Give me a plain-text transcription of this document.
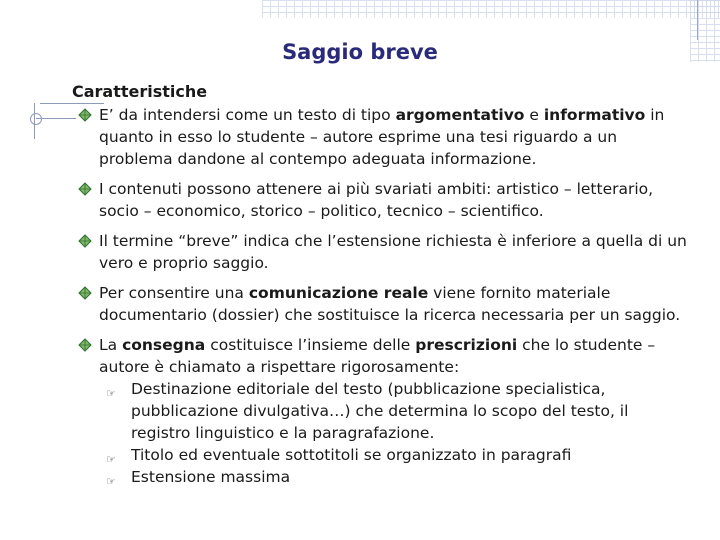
Saggio breve
Caratteristiche
E’ da intendersi come un testo di tipo argomentativo e informativo in quanto in esso lo studente – autore esprime una tesi riguardo a un problema dandone al contempo adeguata informazione.
I contenuti possono attenere ai più svariati ambiti: artistico – letterario, socio – economico, storico – politico, tecnico – scientifico.
Il termine “breve” indica che l’estensione richiesta è inferiore a quella di un vero e proprio saggio.
Per consentire una comunicazione reale viene fornito materiale documentario (dossier) che sostituisce la ricerca necessaria per un saggio.
La consegna costituisce l’insieme delle prescrizioni che lo studente – autore è chiamato a rispettare rigorosamente:
☞ Destinazione editoriale del testo (pubblicazione specialistica, pubblicazione divulgativa…) che determina lo scopo del testo, il registro linguistico e la paragrafazione.
☞ Titolo ed eventuale sottotitoli se organizzato in paragrafi
☞ Estensione massima
